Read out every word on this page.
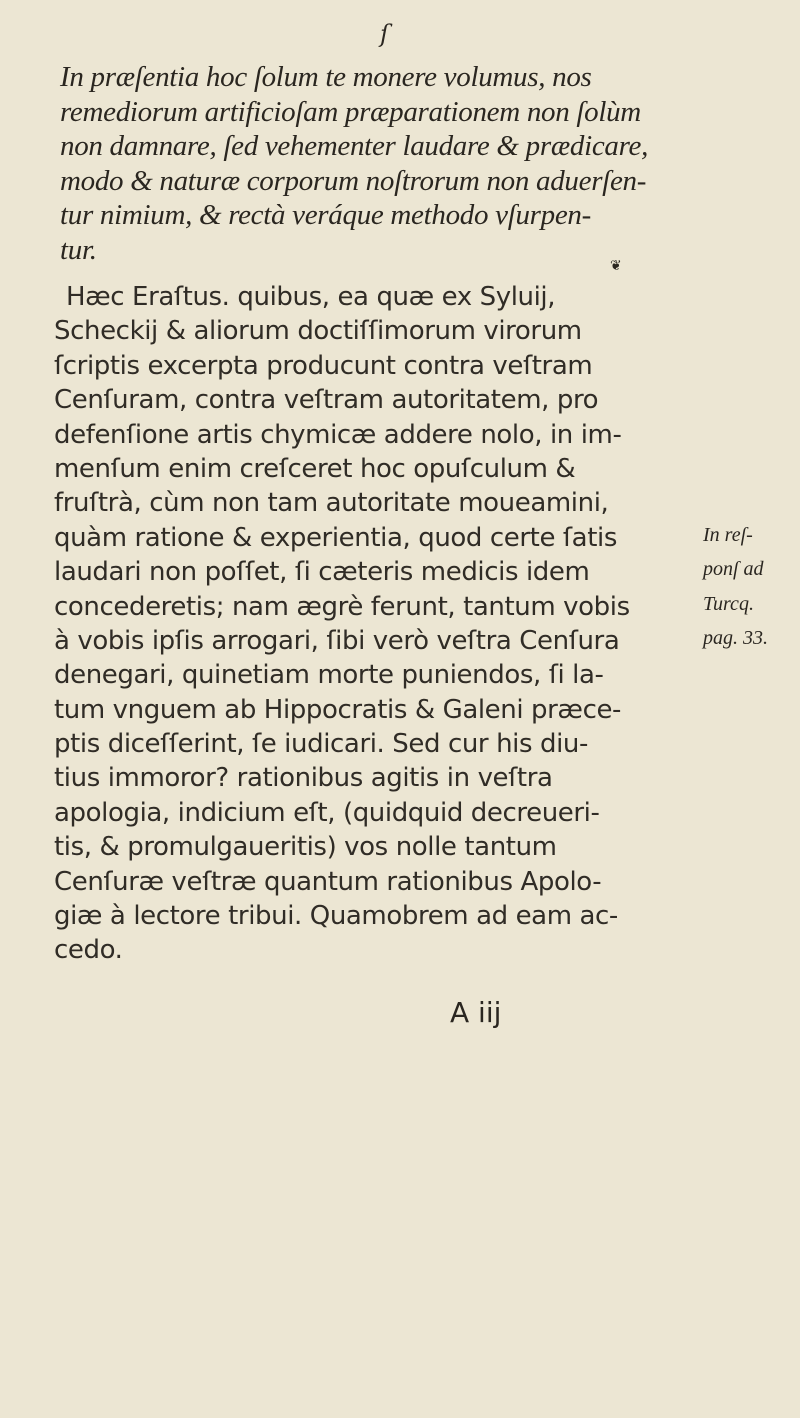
ſ
In præſentia hoc ſolum te monere volumus, nos
remediorum artificioſam præparationem non ſolùm
non damnare, ſed vehementer laudare & prædicare,
modo & naturæ corporum noſtrorum non aduerſen-
tur nimium, & rectà veráque methodo vſurpen-
tur.
❦
Hæc Eraſtus. quibus, ea quæ ex Syluij,
Scheckij & aliorum doctiſſimorum virorum
ſcriptis excerpta producunt contra veſtram
Cenſuram, contra veſtram autoritatem, pro
defenſione artis chymicæ addere nolo, in im-
menſum enim creſceret hoc opuſculum &
fruſtrà, cùm non tam autoritate moueamini,
quàm ratione & experientia, quod certe ſatis
laudari non poſſet, ſi cæteris medicis idem
concederetis; nam ægrè ferunt, tantum vobis
à vobis ipſis arrogari, ſibi verò veſtra Cenſura
denegari, quinetiam morte puniendos, ſi la-
tum vnguem ab Hippocratis & Galeni præce-
ptis diceſſerint, ſe iudicari. Sed cur his diu-
tius immoror? rationibus agitis in veſtra
apologia, indicium eſt, (quidquid decreueri-
tis, & promulgaueritis) vos nolle tantum
Cenſuræ veſtræ quantum rationibus Apolo-
giæ à lectore tribui. Quamobrem ad eam ac-
cedo.
In reſ-
ponſ ad
Turcq.
pag. 33.
A iij
